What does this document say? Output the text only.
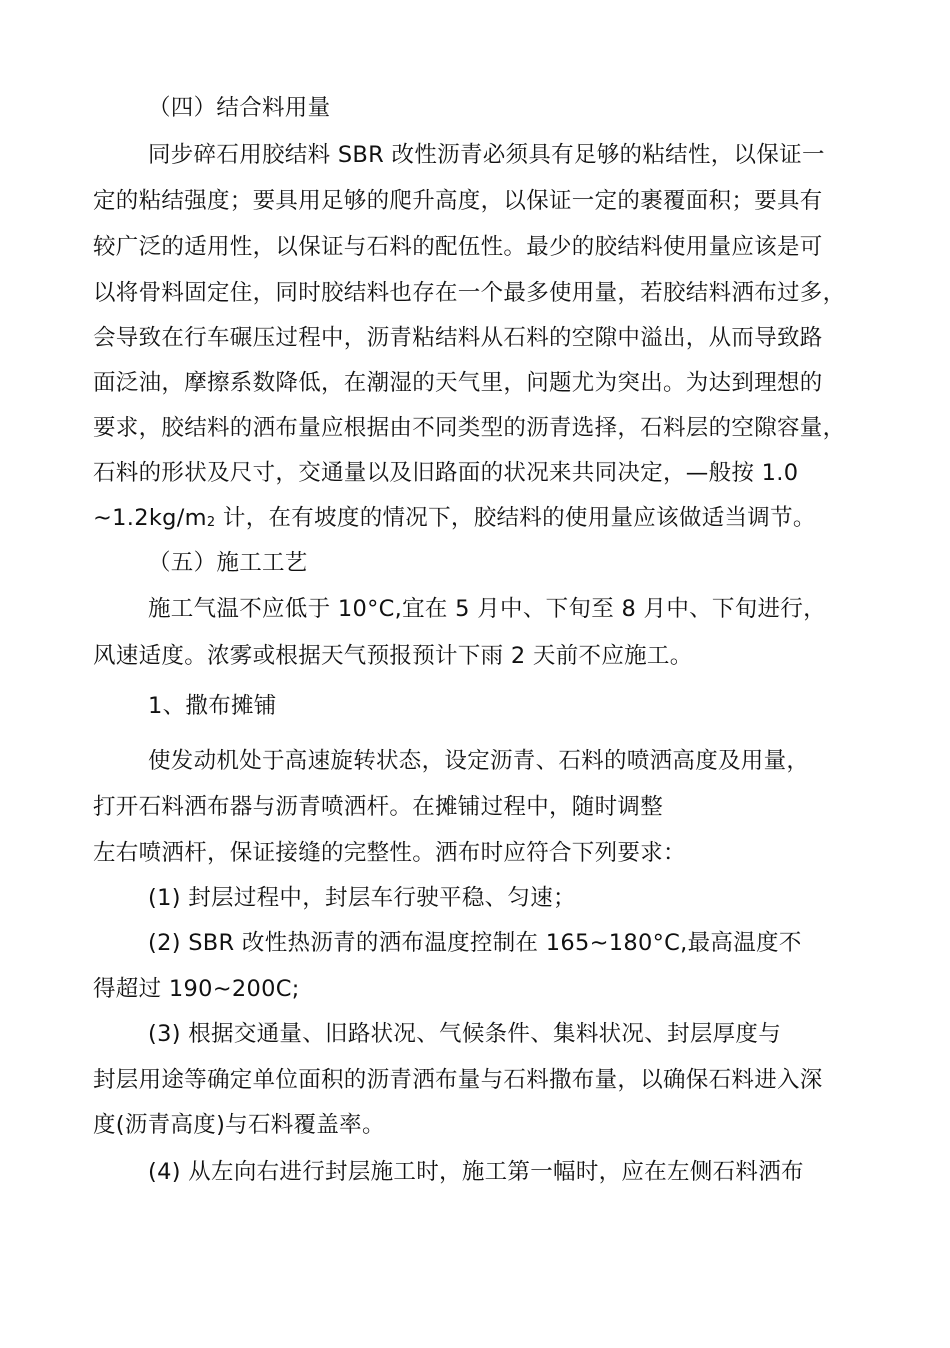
（四）结合料用量
同步碎石用胶结料 SBR 改性沥青必须具有足够的粘结性，以保证一
定的粘结强度；要具用足够的爬升高度，以保证一定的裹覆面积；要具有
较广泛的适用性，以保证与石料的配伍性。最少的胶结料使用量应该是可
以将骨料固定住，同时胶结料也存在一个最多使用量，若胶结料洒布过多，
会导致在行车碾压过程中，沥青粘结料从石料的空隙中溢出，从而导致路
面泛油，摩擦系数降低，在潮湿的天气里，问题尤为突出。为达到理想的
要求，胶结料的洒布量应根据由不同类型的沥青选择，石料层的空隙容量，
石料的形状及尺寸，交通量以及旧路面的状况来共同决定，—般按 1.0
~1.2kg/m2 计，在有坡度的情况下，胶结料的使用量应该做适当调节。
（五）施工工艺
施工气温不应低于 10°C,宜在 5 月中、下旬至 8 月中、下旬进行，
风速适度。浓雾或根据天气预报预计下雨 2 天前不应施工。
1、撒布摊铺
使发动机处于高速旋转状态，设定沥青、石料的喷洒高度及用量，
打开石料洒布器与沥青喷洒杆。在摊铺过程中，随时调整
左右喷洒杆，保证接缝的完整性。洒布时应符合下列要求：
(1) 封层过程中，封层车行驶平稳、匀速；
(2) SBR 改性热沥青的洒布温度控制在 165~180°C,最高温度不
得超过 190~200C;
(3) 根据交通量、旧路状况、气候条件、集料状况、封层厚度与
封层用途等确定单位面积的沥青洒布量与石料撒布量，以确保石料进入深
度(沥青高度)与石料覆盖率。
(4) 从左向右进行封层施工时，施工第一幅时，应在左侧石料洒布
